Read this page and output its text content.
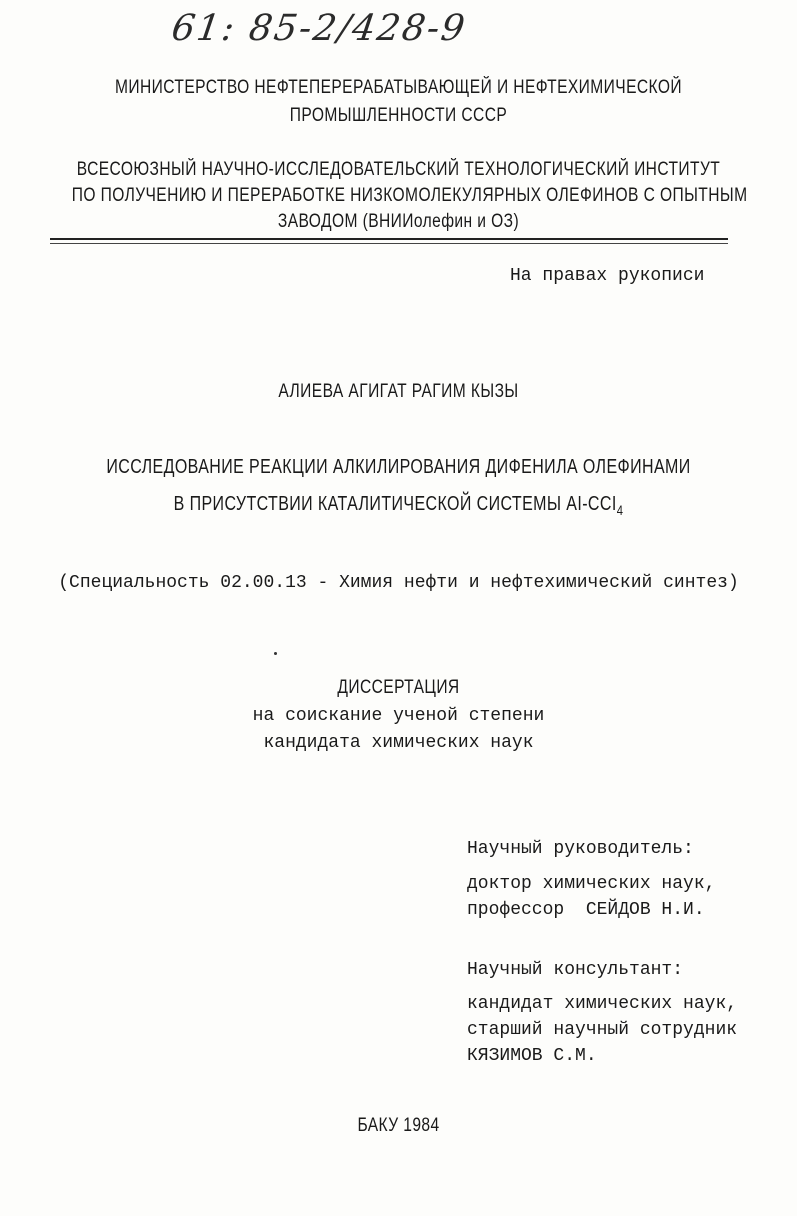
61: 85-2/428-9
МИНИСТЕРСТВО НЕФТЕПЕРЕРАБАТЫВАЮЩЕЙ И НЕФТЕХИМИЧЕСКОЙ
ПРОМЫШЛЕННОСТИ СССР
ВСЕСОЮЗНЫЙ НАУЧНО-ИССЛЕДОВАТЕЛЬСКИЙ ТЕХНОЛОГИЧЕСКИЙ ИНСТИТУТ
ПО ПОЛУЧЕНИЮ И ПЕРЕРАБОТКЕ НИЗКОМОЛЕКУЛЯРНЫХ ОЛЕФИНОВ С ОПЫТНЫМ
ЗАВОДОМ (ВНИИолефин и ОЗ)
На правах рукописи
АЛИЕВА АГИГАТ РАГИМ КЫЗЫ
ИССЛЕДОВАНИЕ РЕАКЦИИ АЛКИЛИРОВАНИЯ ДИФЕНИЛА ОЛЕФИНАМИ
В ПРИСУТСТВИИ КАТАЛИТИЧЕСКОЙ СИСТЕМЫ $AI-CCI_4$
(Специальность 02.00.13 - Химия нефти и нефтехимический синтез)
ДИССЕРТАЦИЯ
на соискание ученой степени
кандидата химических наук
Научный руководитель:
доктор химических наук,
профессор  СЕЙДОВ Н.И.
Научный консультант:
кандидат химических наук,
старший научный сотрудник
КЯЗИМОВ С.М.
БАКУ 1984
